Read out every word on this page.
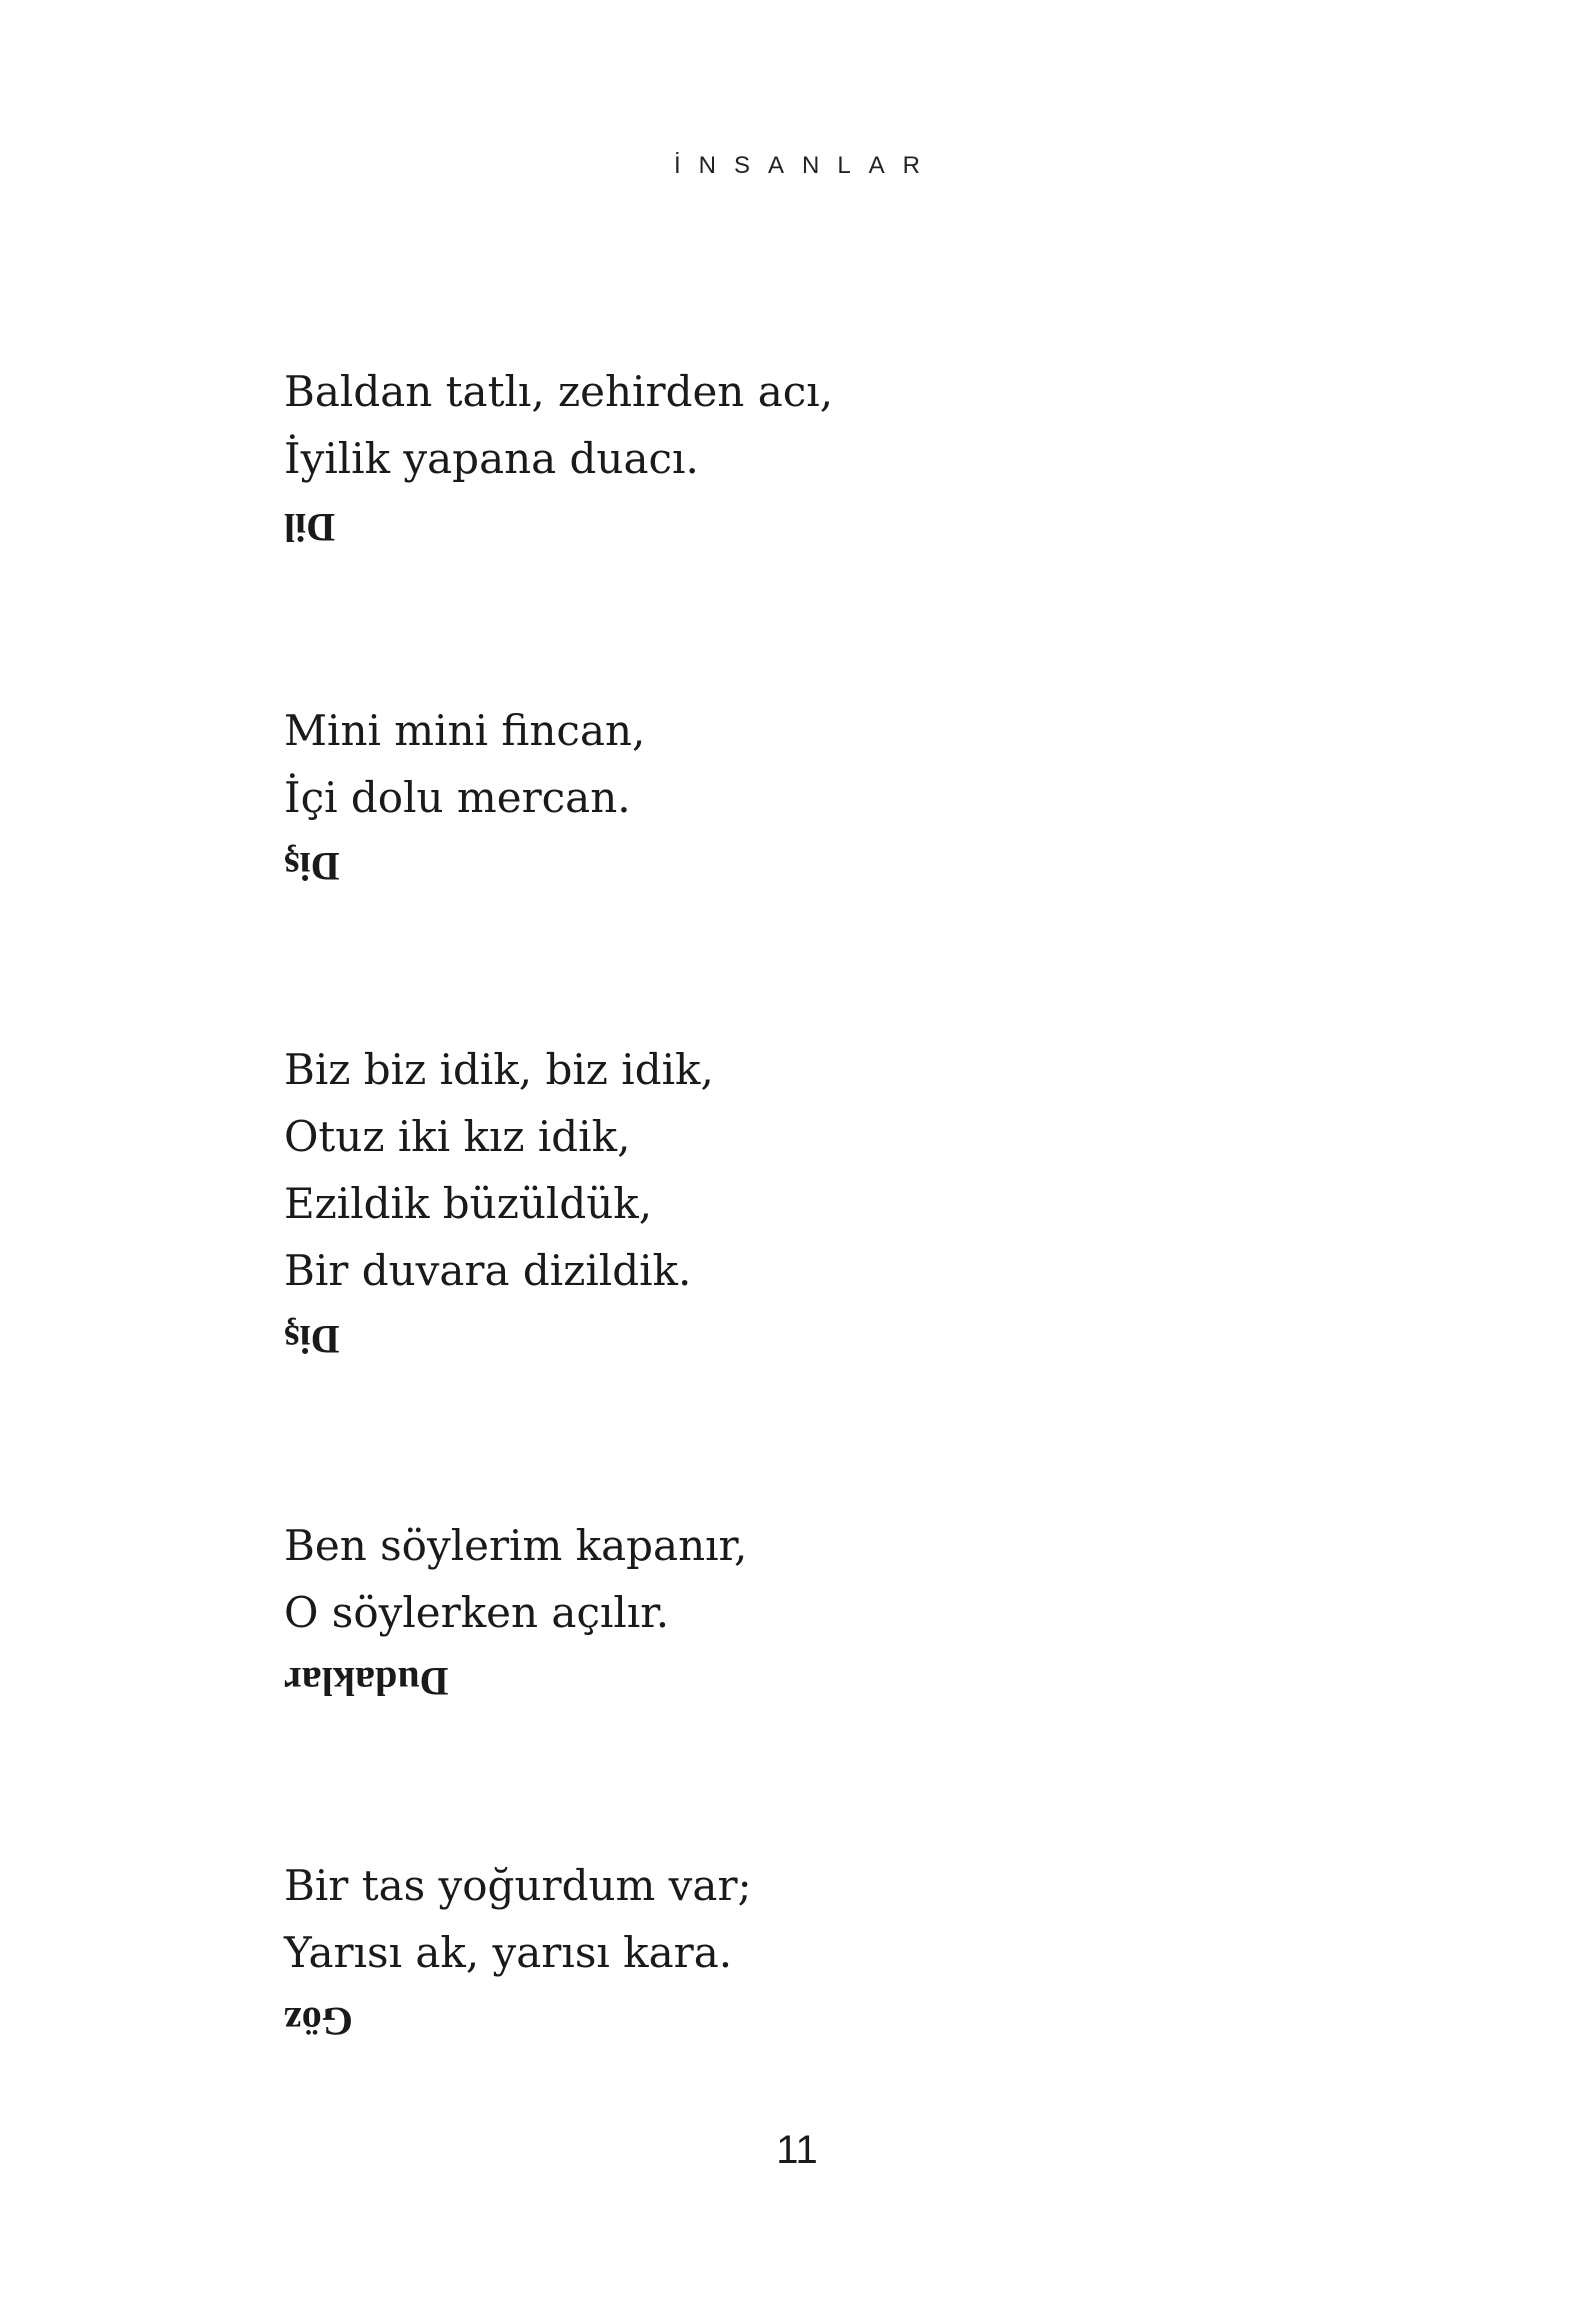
İNSANLAR
Baldan tatlı, zehirden acı,
İyilik yapana duacı.
Dil
Mini mini fincan,
İçi dolu mercan.
Diş
Biz biz idik, biz idik,
Otuz iki kız idik,
Ezildik büzüldük,
Bir duvara dizildik.
Diş
Ben söylerim kapanır,
O söylerken açılır.
Dudaklar
Bir tas yoğurdum var;
Yarısı ak, yarısı kara.
Göz
11
